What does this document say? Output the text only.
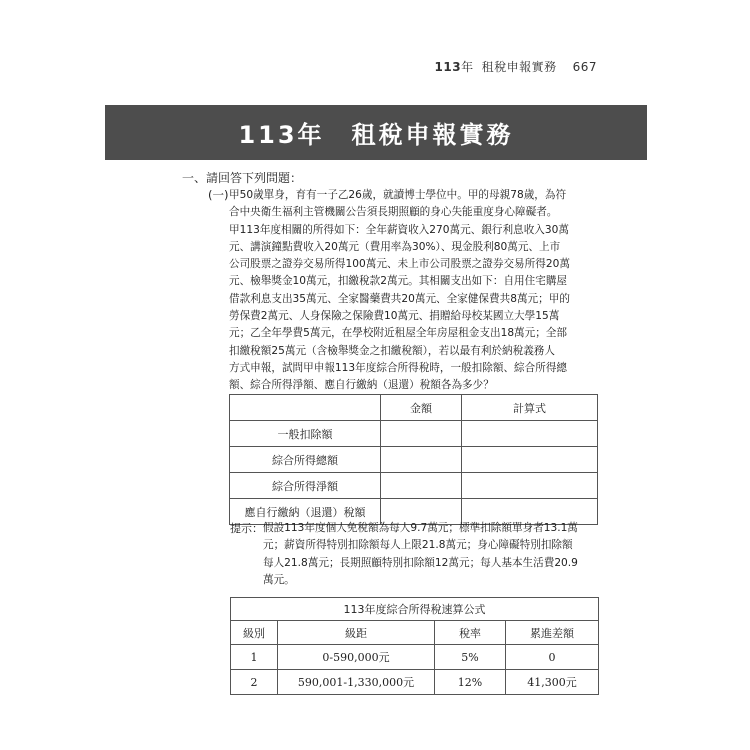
113年 租稅申報實務 667
113年　租稅申報實務
一、請回答下列問題：
(一) 甲50歲單身，育有一子乙26歲，就讀博士學位中。甲的母親78歲，為符
合中央衛生福利主管機關公告須長期照顧的身心失能重度身心障礙者。
甲113年度相關的所得如下：全年薪資收入270萬元、銀行利息收入30萬
元、講演鐘點費收入20萬元（費用率為30%）、現金股利80萬元、上市
公司股票之證券交易所得100萬元、未上市公司股票之證券交易所得20萬
元、檢舉獎金10萬元，扣繳稅款2萬元。其相關支出如下：自用住宅購屋
借款利息支出35萬元、全家醫藥費共20萬元、全家健保費共8萬元；甲的
勞保費2萬元、人身保險之保險費10萬元、捐贈給母校某國立大學15萬
元；乙全年學費5萬元，在學校附近租屋全年房屋租金支出18萬元；全部
扣繳稅額25萬元（含檢舉獎金之扣繳稅額），若以最有利於納稅義務人
方式申報，試問甲申報113年度綜合所得稅時，一般扣除額、綜合所得總
額、綜合所得淨額、應自行繳納（退還）稅額各為多少？
	金額	計算式
一般扣除額		
綜合所得總額		
綜合所得淨額		
應自行繳納（退還）稅額		
提示： 假設113年度個人免稅額為每人9.7萬元；標準扣除額單身者13.1萬
元；薪資所得特別扣除額每人上限21.8萬元；身心障礙特別扣除額
每人21.8萬元；長期照顧特別扣除額12萬元；每人基本生活費20.9
萬元。
113年度綜合所得稅速算公式			
級別	級距	稅率	累進差額
1	0-590,000元	5%	0
2	590,001-1,330,000元	12%	41,300元
